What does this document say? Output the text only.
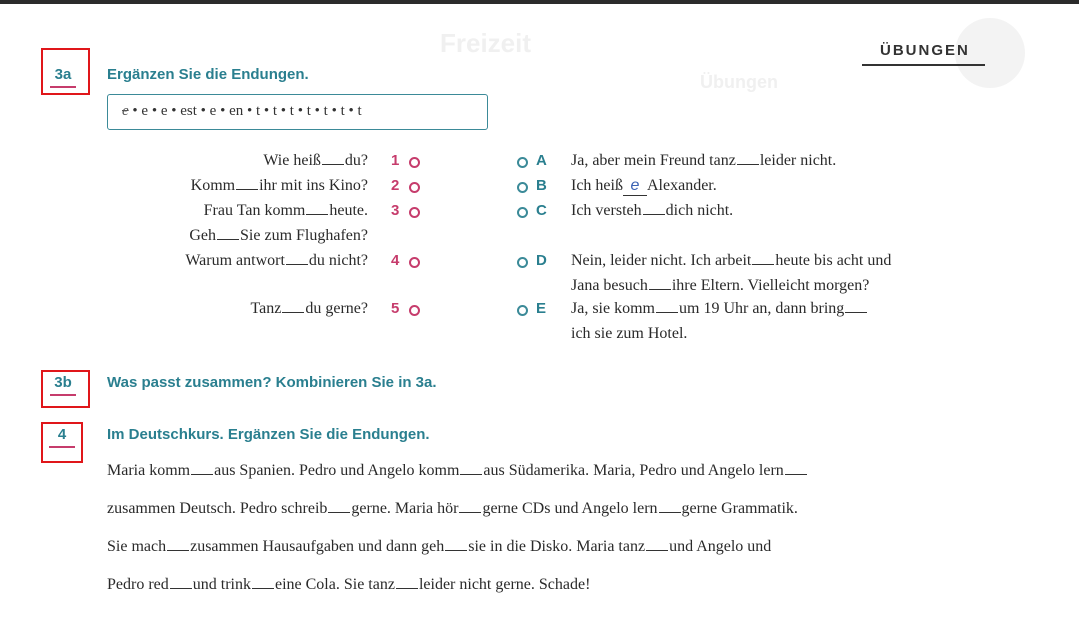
Freizeit
Übungen
ÜBUNGEN
3a	Ergänzen Sie die Endungen.
e • e • e • est • e • en • t • t • t • t • t • t • t
Wie heiß du?
Komm ihr mit ins Kino?
Frau Tan komm heute.
Geh Sie zum Flughafen?
Warum antwort du nicht?
Tanz du gerne?
1
2
3
4
5
A Ja, aber mein Freund tanz leider nicht.
B Ich heiß e Alexander.
C Ich versteh dich nicht.
D Nein, leider nicht. Ich arbeit heute bis acht und
Jana besuch ihre Eltern. Vielleicht morgen?
E Ja, sie komm um 19 Uhr an, dann bring
ich sie zum Hotel.
3b	Was passt zusammen? Kombinieren Sie in 3a.
4	Im Deutschkurs. Ergänzen Sie die Endungen.
Maria komm aus Spanien. Pedro und Angelo komm aus Südamerika. Maria, Pedro und Angelo lern
zusammen Deutsch. Pedro schreib gerne. Maria hör gerne CDs und Angelo lern gerne Grammatik.
Sie mach zusammen Hausaufgaben und dann geh sie in die Disko. Maria tanz und Angelo und
Pedro red und trink eine Cola. Sie tanz leider nicht gerne. Schade!
